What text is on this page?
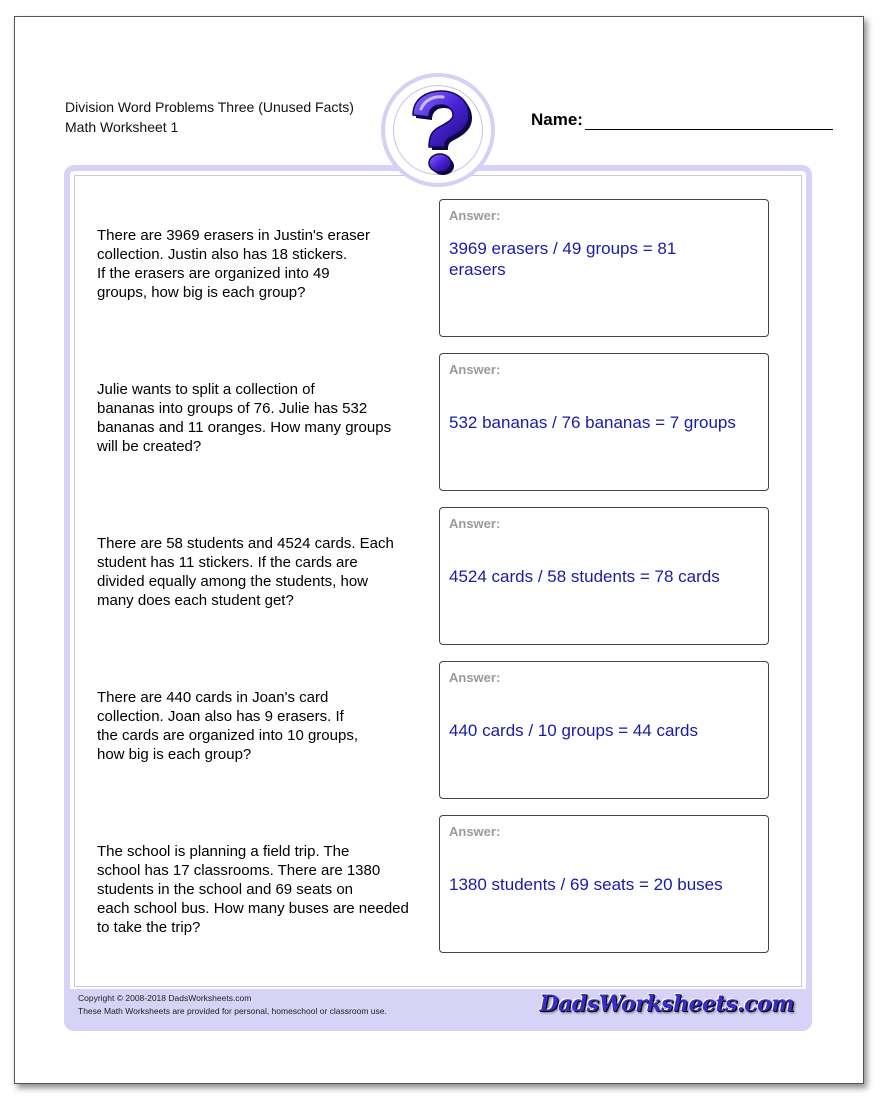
Division Word Problems Three (Unused Facts)
Math Worksheet 1	Name:
There are 3969 erasers in Justin's eraser
collection. Justin also has 18 stickers.
If the erasers are organized into 49
groups, how big is each group?
Answer:
3969 erasers / 49 groups = 81
erasers
Julie wants to split a collection of
bananas into groups of 76. Julie has 532
bananas and 11 oranges. How many groups
will be created?
Answer:
532 bananas / 76 bananas = 7 groups
There are 58 students and 4524 cards. Each
student has 11 stickers. If the cards are
divided equally among the students, how
many does each student get?
Answer:
4524 cards / 58 students = 78 cards
There are 440 cards in Joan's card
collection. Joan also has 9 erasers. If
the cards are organized into 10 groups,
how big is each group?
Answer:
440 cards / 10 groups = 44 cards
The school is planning a field trip. The
school has 17 classrooms. There are 1380
students in the school and 69 seats on
each school bus. How many buses are needed
to take the trip?
Answer:
1380 students / 69 seats = 20 buses
Copyright © 2008-2018 DadsWorksheets.com
These Math Worksheets are provided for personal, homeschool or classroom use.	DadsWorksheets.com
